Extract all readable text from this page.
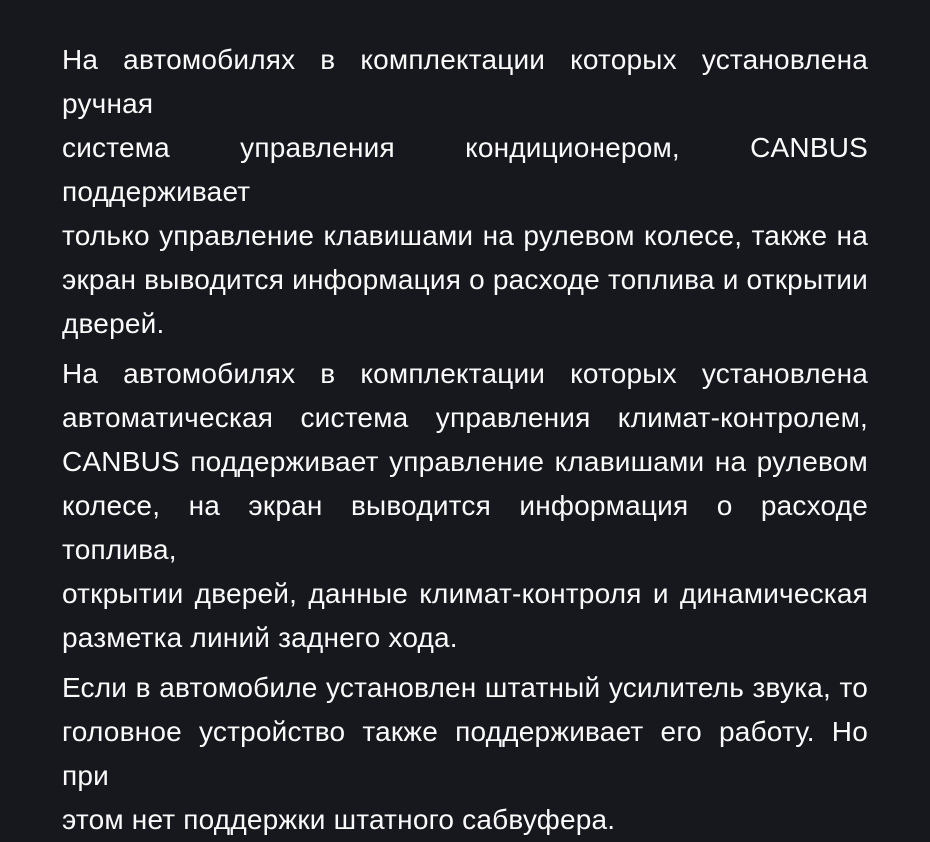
На автомобилях в комплектации которых установлена ручная
система управления кондиционером, CANBUS поддерживает
только управление клавишами на рулевом колесе, также на
экран выводится информация о расходе топлива и открытии
дверей.
На автомобилях в комплектации которых установлена
автоматическая система управления климат-контролем,
CANBUS поддерживает управление клавишами на рулевом
колесе, на экран выводится информация о расходе топлива,
открытии дверей, данные климат-контроля и динамическая
разметка линий заднего хода.
Если в автомобиле установлен штатный усилитель звука, то
головное устройство также поддерживает его работу. Но при
этом нет поддержки штатного сабвуфера.
